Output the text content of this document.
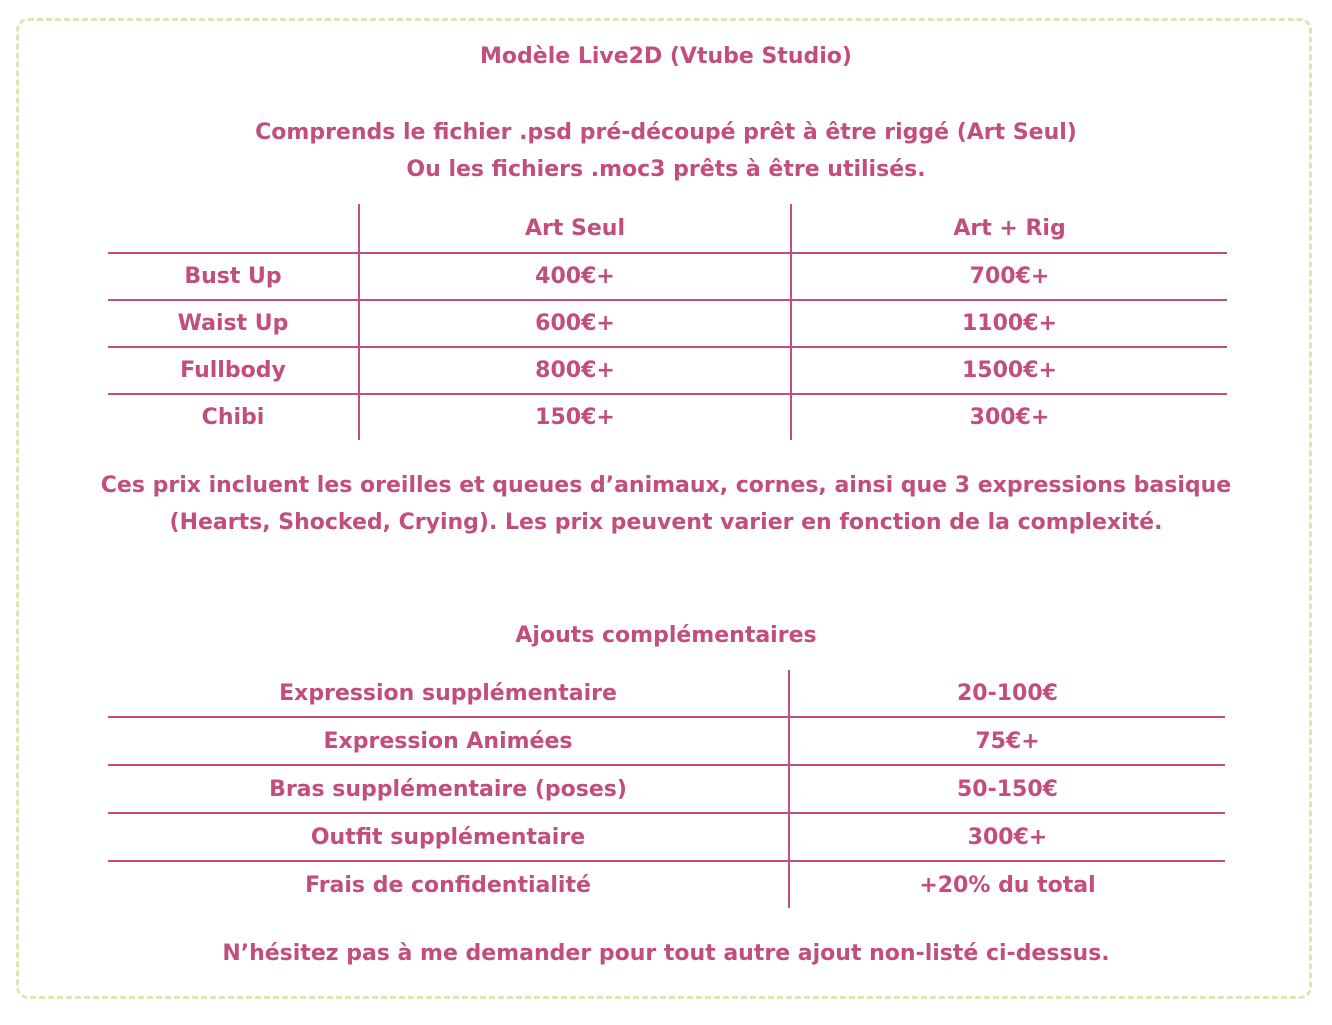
Modèle Live2D (Vtube Studio)
Comprends le fichier .psd pré-découpé prêt à être riggé (Art Seul)
Ou les fichiers .moc3 prêts à être utilisés.
	Art Seul	Art + Rig
Bust Up	400€+	700€+
Waist Up	600€+	1100€+
Fullbody	800€+	1500€+
Chibi	150€+	300€+
Ces prix incluent les oreilles et queues d’animaux, cornes, ainsi que 3 expressions basique
(Hearts, Shocked, Crying). Les prix peuvent varier en fonction de la complexité.
Ajouts complémentaires
Expression supplémentaire	20-100€
Expression Animées	75€+
Bras supplémentaire (poses)	50-150€
Outfit supplémentaire	300€+
Frais de confidentialité	+20% du total
N’hésitez pas à me demander pour tout autre ajout non-listé ci-dessus.
